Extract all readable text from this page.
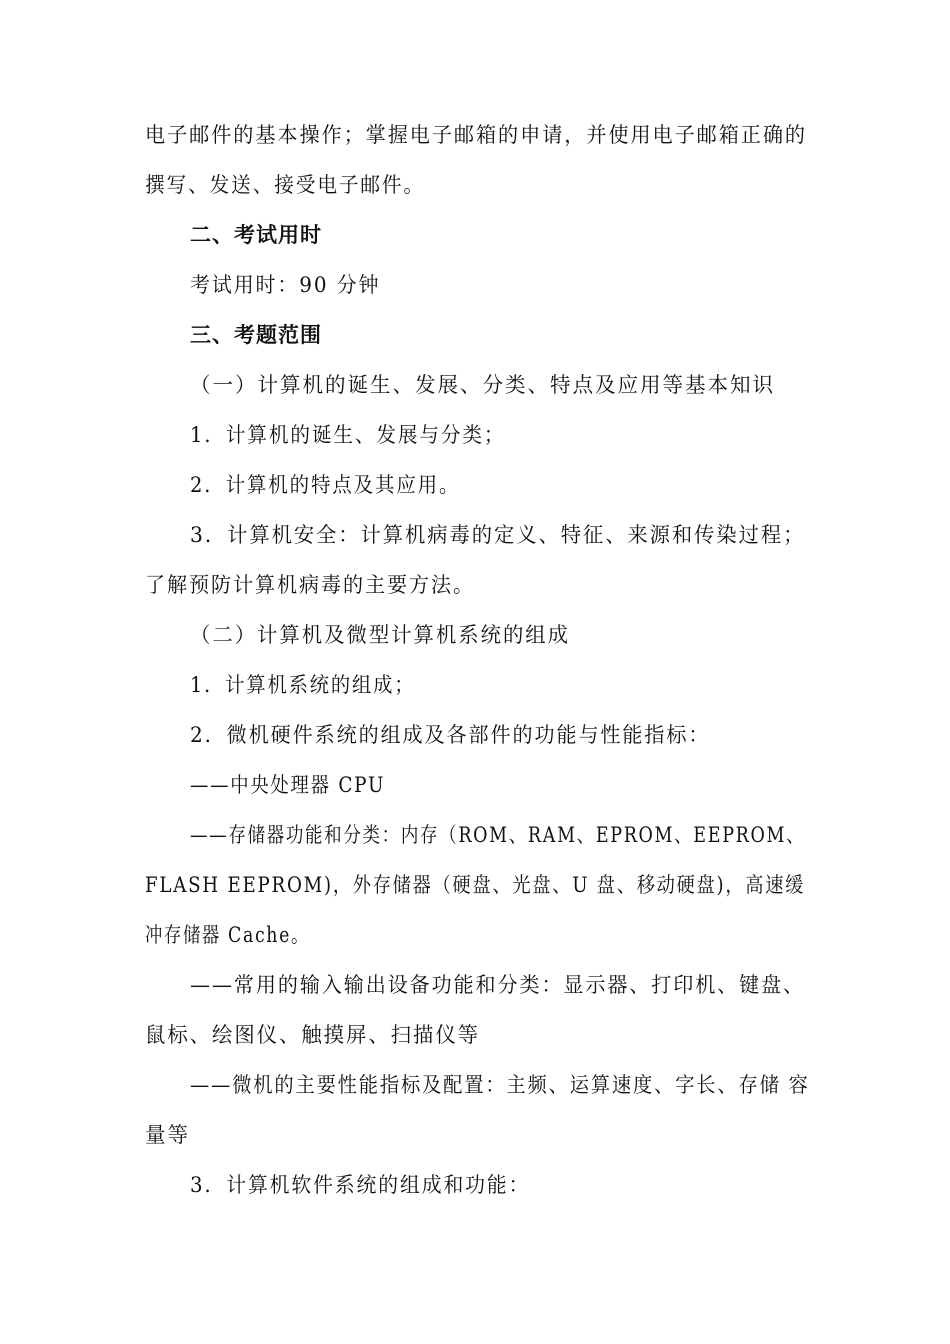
电子邮件的基本操作；掌握电子邮箱的申请，并使用电子邮箱正确的
撰写、发送、接受电子邮件。
二、考试用时
考试用时：90 分钟
三、考题范围
（一）计算机的诞生、发展、分类、特点及应用等基本知识
1．计算机的诞生、发展与分类；
2．计算机的特点及其应用。
3．计算机安全：计算机病毒的定义、特征、来源和传染过程；
了解预防计算机病毒的主要方法。
（二）计算机及微型计算机系统的组成
1．计算机系统的组成；
2．微机硬件系统的组成及各部件的功能与性能指标：
——中央处理器 CPU
——存储器功能和分类：内存（ROM、RAM、EPROM、EEPROM、
FLASH EEPROM)，外存储器（硬盘、光盘、U 盘、移动硬盘)，高速缓
冲存储器 Cache。
——常用的输入输出设备功能和分类：显示器、打印机、键盘、
鼠标、绘图仪、触摸屏、扫描仪等
——微机的主要性能指标及配置：主频、运算速度、字长、存储 容
量等
3．计算机软件系统的组成和功能：
